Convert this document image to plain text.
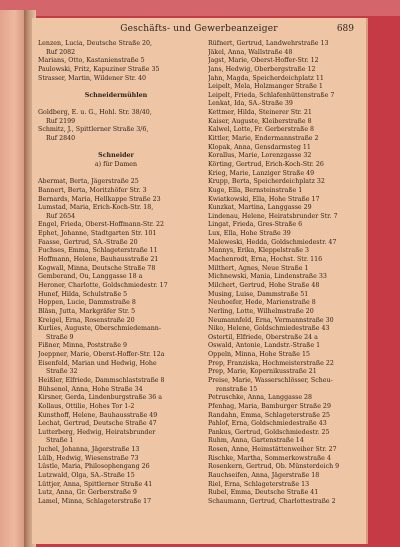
Geschäfts- und Gewerbeanzeiger	689
Lenzen, Lucia, Deutsche Straße 20,
Ruf 2082
Marians, Otto, Kastanienstraße 5
Paulowski, Fritz, Kapuziner Straße 35
Strasser, Martin, Wildener Str. 40
Schneidermühlen
Goldberg, E. u. G., Hohl. Str. 38/40,
Ruf 2199
Schmitz, J., Spittlerner Straße 3/6,
Ruf 2840
Schneider
a) für Damen
Abermat, Berta, Jägerstraße 25
Bannert, Berta, Moritzhöfer Str. 3
Bernards, Maria, Hellkappe Straße 23
Lumstad, Maria, Erich-Koch-Str. 18,
Ruf 2654
Engel, Frieda, Oberst-Hoffmann-Str. 22
Ephet, Johanne, Stadtgarten Str. 101
Faasse, Gertrud, SA.-Straße 20
Fuchses, Emma, Schlageterstraße 11
Hoffmann, Helene, Bauhausstraße 21
Kogwall, Minna, Deutsche Straße 78
Gemberand, Ou, Langgasse 18 a
Heroner, Charlotte, Goldschmiedestr. 17
Hunef, Hilda, Schulstraße 5
Hoppen, Lucie, Dammstraße 8
Bläsn, Jutta, Markgräfer Str. 5
Kreigel, Erna, Rosenstraße 20
Kurlies, Auguste, Oberschmiedemann-
Straße 9
Fißner, Minna, Poststraße 9
Joeppner, Marie, Oberst-Hoffer-Str. 12a
Eisenfeld, Marian und Hedwig, Hohe
Straße 32
Heißler, Elfriede, Dammschlaststraße 8
Bühsenol, Anna, Hohe Straße 34
Kirsner, Gerda, Lindenburgstraße 36 a
Kollaus, Ottilie, Hohes Tor 1-2
Kunsthoff, Helene, Bauhausstraße 49
Lechat, Gertrud, Deutsche Straße 47
Lutterberg, Hedwig, Heiratsbrunder
Straße 1
Juchel, Johanna, Jägerstraße 13
Lülb, Hedwig, Wiesenstraße 73
Lüstle, Maria, Philosophengang 26
Lutzwald, Olga, SA.-Straße 15
Lüttjer, Anna, Spittlerner Straße 41
Lutz, Anna, Gr. Gerberstraße 9
Lamel, Minna, Schlageterstraße 17
Rüfnert, Gertrud, Landwehrstraße 13
Jäkel, Anna, Wallstraße 48
Jagst, Marie, Oberst-Hoffer-Str. 12
Jans, Hedwig, Oberbergstraße 12
Jahn, Magda, Speicherdeichplatz 11
Leipelt, Mela, Holzmanger Straße 1
Leipelt, Frieda, Schlafenhüttenstraße 7
Lenkat, Ida, SA.-Straße 39
Kettmer, Hilda, Steinerer Str. 21
Kaiser, Auguste, Kleiberstraße 8
Kalwel, Lotte, Fr. Gerberstraße 8
Kittler, Marie, Endermannstraße 2
Klopak, Anna, Gensdarmsteg 11
Korallus, Marie, Lorenzgasse 32
Körting, Gertrud, Erich-Koch-Str. 26
Krieg, Marie, Lanziger Straße 49
Krupp, Berta, Speicherdeichplatz 32
Kuge, Ella, Bernsteinstraße 1
Kwiatkowski, Ella, Hohe Straße 17
Kunzkat, Martina, Langgasse 29
Lindenau, Helene, Heiratsbrunder Str. 7
Lingat, Frieda, Gres-Straße 6
Lux, Ella, Hohe Straße 39
Maleweski, Hedda, Goldschmiedestr. 47
Mannys, Erika, Kleppelstraße 3
Machenrodt, Erna, Hochst. Str. 116
Milthert, Agnes, Neue Straße 1
Michnewski, Mania, Lindenstraße 33
Milchert, Gertrud, Hohe Straße 48
Musing, Luise, Dammstraße 51
Neuhoefer, Hede, Marienstraße 8
Nerling, Lotte, Wilhelmstraße 20
Neumannfeld, Erna, Vermannstraße 30
Niko, Helene, Goldschmiedestraße 43
Ostertil, Elfriede, Oberstraße 24 a
Oswald, Antonie, Landstr.-Straße 1
Oppeln, Minna, Hohe Straße 15
Prep, Franziska, Hochmeisterstraße 22
Prep, Marie, Kopernikusstraße 21
Preise, Marie, Wasserschlösser, Scheu-
renstraße 15
Petruschke, Anna, Langgasse 28
Pfenhag, Maria, Bamburger Straße 29
Randahn, Emma, Schlageterstraße 25
Pahlof, Erna, Goldschmiedestraße 43
Pankus, Gertrud, Goldschmiedestr. 25
Ruhm, Anna, Gartenstraße 14
Rosen, Anne, Heimstättenweiher Str. 27
Rischke, Martha, Sommerkowstraße 4
Rosenkern, Gertrud, Ob. Münsterdeich 9
Rauchseifen, Anna, Jägerstraße 18
Riel, Erna, Schlageterstraße 13
Rubel, Emma, Deutsche Straße 41
Schaumann, Gertrud, Charlottestraße 2
